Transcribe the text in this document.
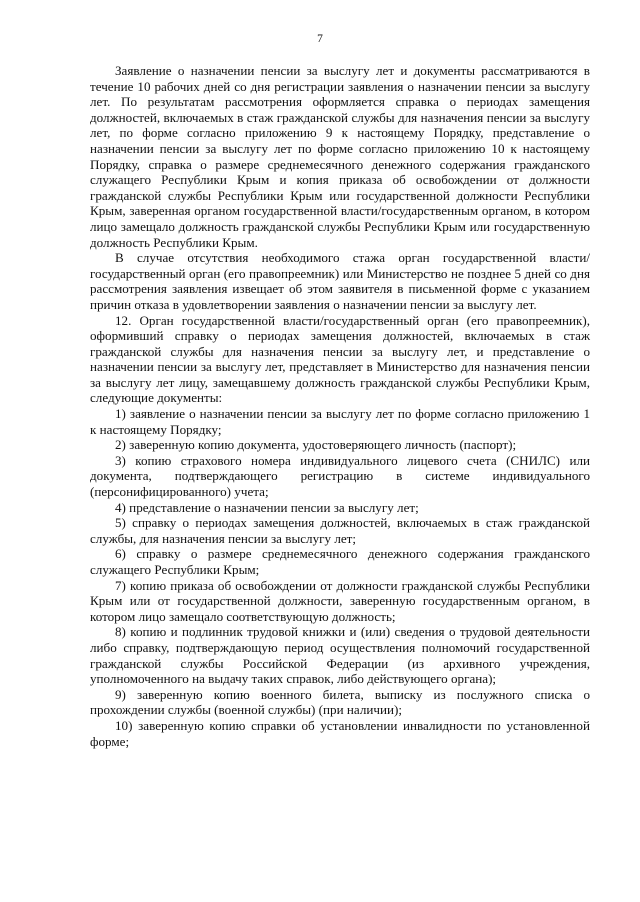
7

Заявление о назначении пенсии за выслугу лет и документы рассматриваются в течение 10 рабочих дней со дня регистрации заявления о назначении пенсии за выслугу лет. По результатам рассмотрения оформляется справка о периодах замещения должностей, включаемых в стаж гражданской службы для назначения пенсии за выслугу лет, по форме согласно приложению 9 к настоящему Порядку, представление о назначении пенсии за выслугу лет по форме согласно приложению 10 к настоящему Порядку, справка о размере среднемесячного денежного содержания гражданского служащего Республики Крым и копия приказа об освобождении от должности гражданской службы Республики Крым или государственной должности Республики Крым, заверенная органом государственной власти/государственным органом, в котором лицо замещало должность гражданской службы Республики Крым или государственную должность Республики Крым.

В случае отсутствия необходимого стажа орган государственной власти/государственный орган (его правопреемник) или Министерство не позднее 5 дней со дня рассмотрения заявления извещает об этом заявителя в письменной форме с указанием причин отказа в удовлетворении заявления о назначении пенсии за выслугу лет.

12. Орган государственной власти/государственный орган (его правопреемник), оформивший справку о периодах замещения должностей, включаемых в стаж гражданской службы для назначения пенсии за выслугу лет, и представление о назначении пенсии за выслугу лет, представляет в Министерство для назначения пенсии за выслугу лет лицу, замещавшему должность гражданской службы Республики Крым, следующие документы:

1) заявление о назначении пенсии за выслугу лет по форме согласно приложению 1 к настоящему Порядку;

2) заверенную копию документа, удостоверяющего личность (паспорт);

3) копию страхового номера индивидуального лицевого счета (СНИЛС) или документа, подтверждающего регистрацию в системе индивидуального (персонифицированного) учета;

4) представление о назначении пенсии за выслугу лет;

5) справку о периодах замещения должностей, включаемых в стаж гражданской службы, для назначения пенсии за выслугу лет;

6) справку о размере среднемесячного денежного содержания гражданского служащего Республики Крым;

7) копию приказа об освобождении от должности гражданской службы Республики Крым или от государственной должности, заверенную государственным органом, в котором лицо замещало соответствующую должность;

8) копию и подлинник трудовой книжки и (или) сведения о трудовой деятельности либо справку, подтверждающую период осуществления полномочий государственной гражданской службы Российской Федерации (из архивного учреждения, уполномоченного на выдачу таких справок, либо действующего органа);

9) заверенную копию военного билета, выписку из послужного списка о прохождении службы (военной службы) (при наличии);

10) заверенную копию справки об установлении инвалидности по установленной форме;
